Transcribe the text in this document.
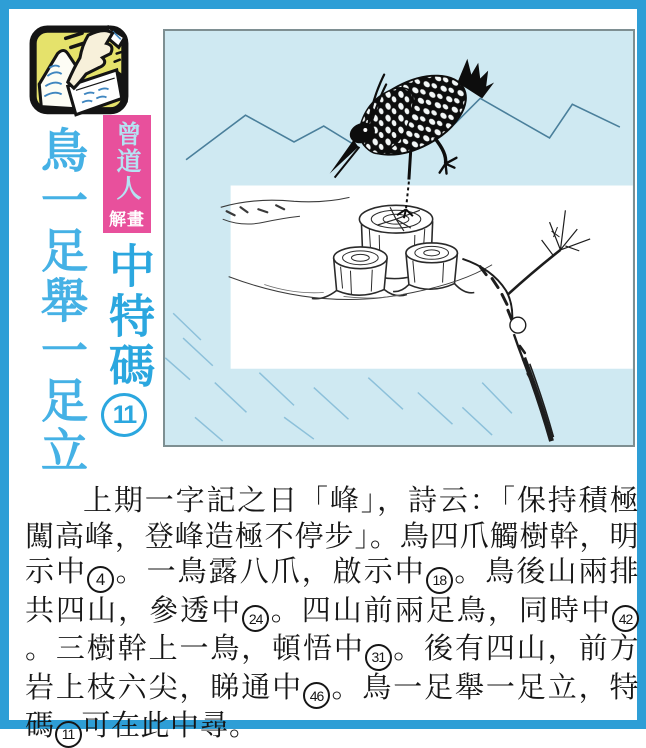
鳥一足舉一足立	曾道人
解畫
中特碼
11

上期一字記之日「峰」，詩云：「保持積極闖高峰，登峰造極不停步」。鳥四爪觸樹幹，明示中 4 。一鳥露八爪，啟示中 18 。鳥後山兩排共四山，參透中 24 。四山前兩足鳥，同時中 42。三樹幹上一鳥，頓悟中 31 。後有四山，前方岩上枝六尖，睇通中 46 。鳥一足舉一足立，特碼 11 可在此中尋。
